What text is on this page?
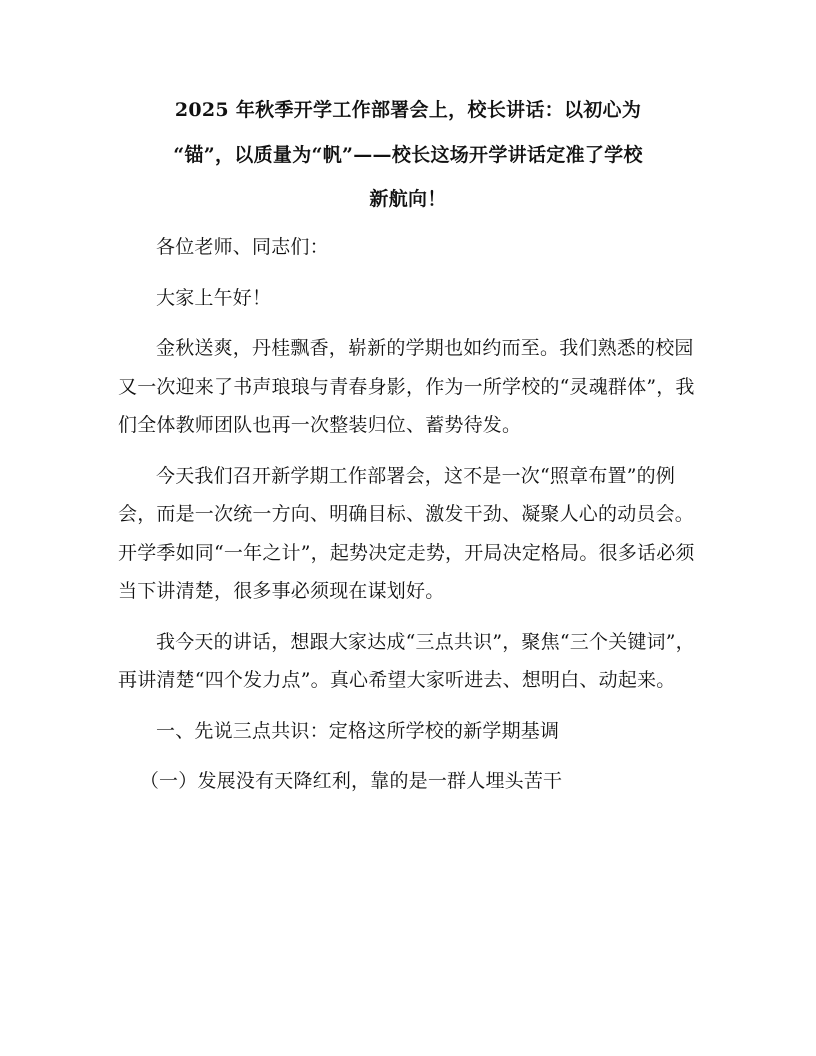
2025 年秋季开学工作部署会上，校长讲话：以初心为
“锚”，以质量为“帆”——校长这场开学讲话定准了学校
新航向！

各位老师、同志们：

大家上午好！

金秋送爽，丹桂飘香，崭新的学期也如约而至。我们熟悉的校园又一次迎来了书声琅琅与青春身影，作为一所学校的“灵魂群体”，我们全体教师团队也再一次整装归位、蓄势待发。

今天我们召开新学期工作部署会，这不是一次“照章布置”的例会，而是一次统一方向、明确目标、激发干劲、凝聚人心的动员会。开学季如同“一年之计”，起势决定走势，开局决定格局。很多话必须当下讲清楚，很多事必须现在谋划好。

我今天的讲话，想跟大家达成“三点共识”，聚焦“三个关键词”，再讲清楚“四个发力点”。真心希望大家听进去、想明白、动起来。

一、先说三点共识：定格这所学校的新学期基调

（一）发展没有天降红利，靠的是一群人埋头苦干
